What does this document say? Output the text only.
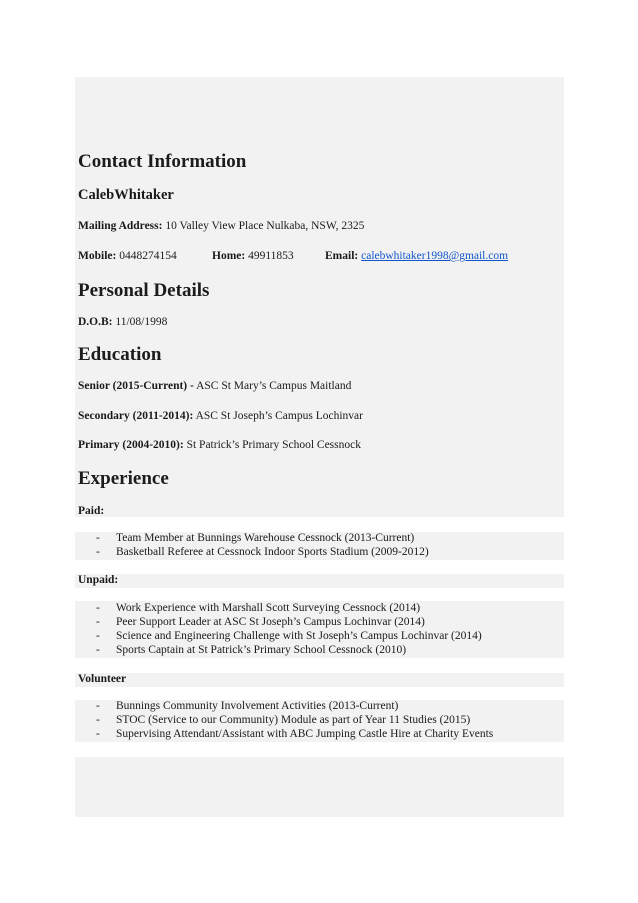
Contact Information
CalebWhitaker
Mailing Address: 10 Valley View Place Nulkaba, NSW, 2325
Mobile: 0448274154	Home: 49911853	Email: calebwhitaker1998@gmail.com
Personal Details
D.O.B: 11/08/1998
Education
Senior (2015-Current) - ASC St Mary’s Campus Maitland
Secondary (2011-2014): ASC St Joseph’s Campus Lochinvar
Primary (2004-2010): St Patrick’s Primary School Cessnock
Experience
Paid:
- Team Member at Bunnings Warehouse Cessnock (2013-Current)
- Basketball Referee at Cessnock Indoor Sports Stadium (2009-2012)
Unpaid:
- Work Experience with Marshall Scott Surveying Cessnock (2014)
- Peer Support Leader at ASC St Joseph’s Campus Lochinvar (2014)
- Science and Engineering Challenge with St Joseph’s Campus Lochinvar (2014)
- Sports Captain at St Patrick’s Primary School Cessnock (2010)
Volunteer
- Bunnings Community Involvement Activities (2013-Current)
- STOC (Service to our Community) Module as part of Year 11 Studies (2015)
- Supervising Attendant/Assistant with ABC Jumping Castle Hire at Charity Events
